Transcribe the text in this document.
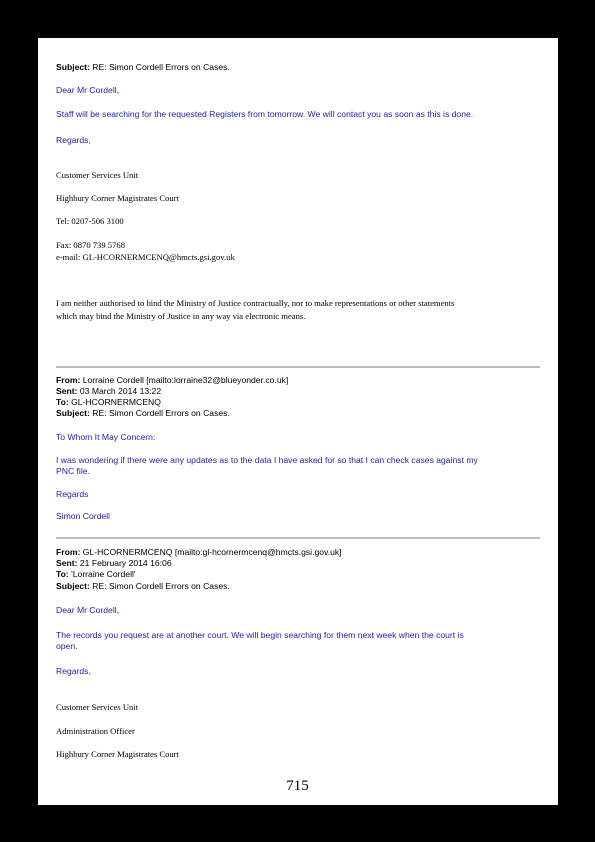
Subject: RE: Simon Cordell Errors on Cases.
Dear Mr Cordell,
Staff will be searching for the requested Registers from tomorrow. We will contact you as soon as this is done.
Regards,
Customer Services Unit
Highbury Corner Magistrates Court
Tel: 0207-506 3100
Fax: 0870 739 5768
e-mail: GL-HCORNERMCENQ@hmcts.gsi.gov.uk
I am neither authorised to bind the Ministry of Justice contractually, nor to make representations or other statements
which may bind the Ministry of Justice in any way via electronic means.
From: Lorraine Cordell [mailto:lorraine32@blueyonder.co.uk]
Sent: 03 March 2014 13:22
To: GL-HCORNERMCENQ
Subject: RE: Simon Cordell Errors on Cases.
To Whom It May Concern:
I was wondering if there were any updates as to the data I have asked for so that I can check cases against my
PNC file.
Regards
Simon Cordell
From: GL-HCORNERMCENQ [mailto:gl-hcornermcenq@hmcts.gsi.gov.uk]
Sent: 21 February 2014 16:06
To: 'Lorraine Cordell'
Subject: RE: Simon Cordell Errors on Cases.
Dear Mr Cordell,
The records you request are at another court. We will begin searching for them next week when the court is
open.
Regards,
Customer Services Unit
Administration Officer
Highbury Corner Magistrates Court
715
